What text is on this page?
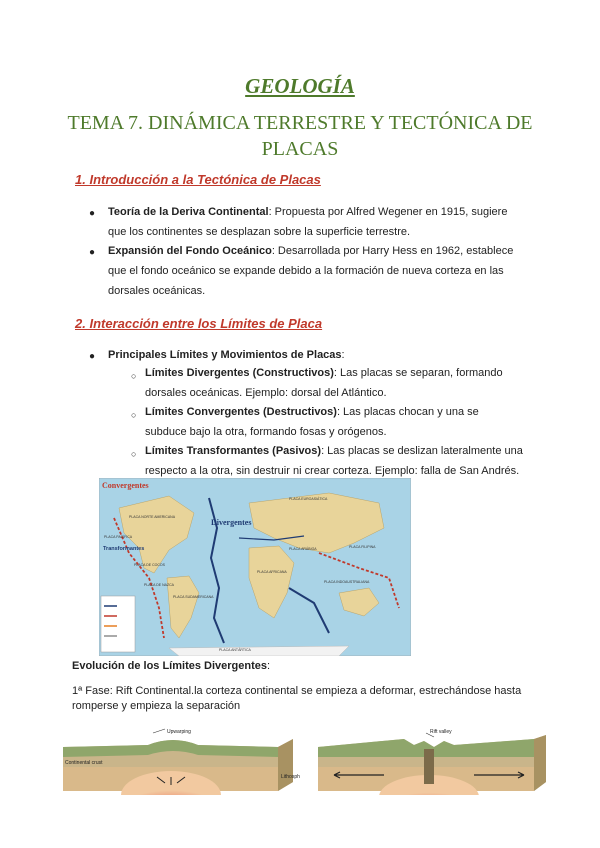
GEOLOGÍA
TEMA 7. DINÁMICA TERRESTRE Y TECTÓNICA DE PLACAS
1. Introducción a la Tectónica de Placas
● Teoría de la Deriva Continental: Propuesta por Alfred Wegener en 1915, sugiere que los continentes se desplazan sobre la superficie terrestre.
● Expansión del Fondo Oceánico: Desarrollada por Harry Hess en 1962, establece que el fondo oceánico se expande debido a la formación de nueva corteza en las dorsales oceánicas.
2. Interacción entre los Límites de Placa
● Principales Límites y Movimientos de Placas:
○ Límites Divergentes (Constructivos): Las placas se separan, formando dorsales oceánicas. Ejemplo: dorsal del Atlántico.
○ Límites Convergentes (Destructivos): Las placas chocan y una se subduce bajo la otra, formando fosas y orógenos.
○ Límites Transformantes (Pasivos): Las placas se deslizan lateralmente una respecto a la otra, sin destruir ni crear corteza. Ejemplo: falla de San Andrés.
Convergentes
Divergentes
Transformantes
PLACA EUROASIÁTICA
PLACA NORTE AMERICANA
PLACA PACÍFICA
PLACA AFRICANA
PLACA SUDAMERICANA
PLACA ANTÁRTICA
PLACA INDOAUSTRALIANA
PLACA DE NAZCA
PLACA FILIPINA
PLACA DE COCOS
PLACA ARÁBIGA
Evolución de los Límites Divergentes:
1ª Fase: Rift Continental.la corteza continental se empieza a deformar, estrechándose hasta romperse y empieza la separación
Upwarping
Continental crust
Lithosph
Rift valley
